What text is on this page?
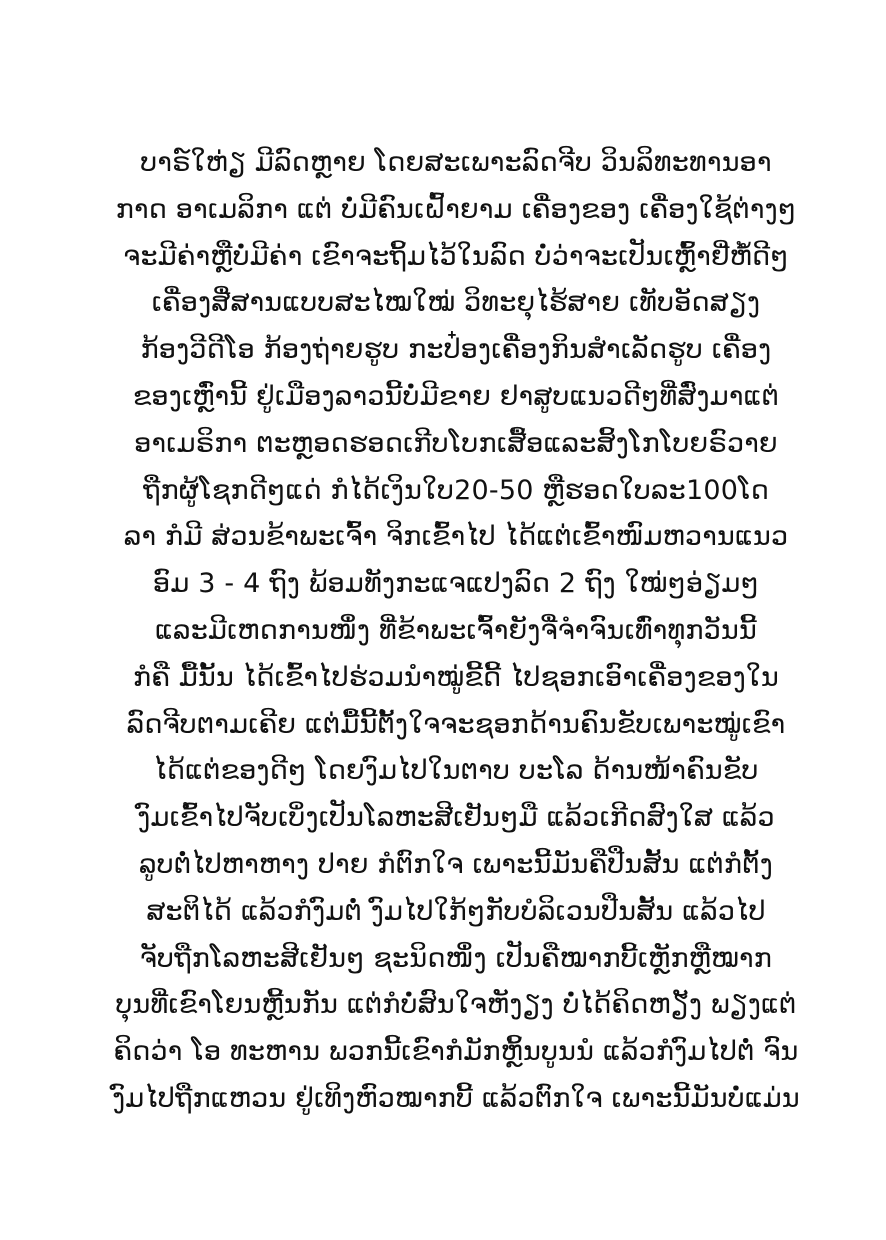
ບາຣ໌ໃຫ່ຽ ມີລົດຫຼາຍ ໂດຍສະເພາະລົດຈີບ ວິນລິທະທານອາ
ກາດ ອາເມລິກາ ແຕ່ ບໍ່ມີຄົນເຝົ້າຍາມ ເຄື່ອງຂອງ ເຄື່ອງໃຊ້ຕ່າງໆ
ຈະມີຄ່າຫຼືບໍ່ມີຄ່າ ເຂົາຈະຖິ້ມໄວ້ໃນລົດ ບໍ່ວ່າຈະເປັນເຫຼົ້າຢີ່ຫໍ້ດີໆ
ເຄື່ອງສື່ສານແບບສະໄໝໃໝ່ ວິທະຍຸໄຮ້ສາຍ ເທັບອັດສຽງ
ກ້ອງວີດີໂອ ກ້ອງຖ່າຍຮູບ ກະປ໋ອງເຄື່ອງກິນສຳເລັດຮູບ ເຄື່ອງ
ຂອງເຫຼົ່ານີ້ ຢູ່ເມືອງລາວນີ້ບໍ່ມີຂາຍ ຢາສູບແນວດີໆທີ່ສົ່ງມາແຕ່
ອາເມຣິກາ ຕະຫຼອດຮອດເກີບໂບກເສື້ອແລະສິ້ງໂກໂບຍຣົວາຍ
ຖືກຜູ້ໂຊກດີໆແດ່ ກໍໄດ້ເງິນໃບ20-50 ຫຼືຮອດໃບລະ100ໂດ
ລາ ກໍມີ ສ່ວນຂ້າພະເຈົ້າ ຈິກເຂົ້າໄປ ໄດ້ແຕ່ເຂົ້າໜົມຫວານແນວ
ອົມ 3 - 4 ຖົງ ພ້ອມທັງກະແຈແປງລົດ 2 ຖົງ ໃໝ່ໆອ່ຽມໆ
ແລະມີເຫດການໜຶ່ງ ທີ່ຂ້າພະເຈົ້າຍັງຈື່ຈຳຈົນເທົ່າທຸກວັນນີ້
ກໍຄື ມື້ນັ້ນ ໄດ້ເຂົ້າໄປຮ່ວມນຳໝູ່ຂີ້ດີ້ ໄປຊອກເອົາເຄື່ອງຂອງໃນ
ລົດຈີບຕາມເຄີຍ ແຕ່ມື້ນີ້ຕັ້ງໃຈຈະຊອກດ້ານຄົນຂັບເພາະໝູ່ເຂົາ
ໄດ້ແຕ່ຂອງດີໆ ໂດຍງົມໄປໃນຕາບ ບະໂລ ດ້ານໜ້າຄົນຂັບ
ງົມເຂົ້າໄປຈັບເບິ່ງເປັນໂລຫະສີເຢັນໆມື ແລ້ວເກີດສົງໃສ ແລ້ວ
ລູບຕໍ່ໄປຫາຫາງ ປາຍ ກໍຕົກໃຈ ເພາະນີ້ມັນຄືປືນສັ້ນ ແຕ່ກໍຕັ້ງ
ສະຕິໄດ້ ແລ້ວກໍງົມຕໍ່ ງົມໄປໃກ້ໆກັບບໍລິເວນປືນສັ້ນ ແລ້ວໄປ
ຈັບຖືກໂລຫະສີເຢັນໆ ຊະນິດໜຶ່ງ ເປັນຄືໝາກບີ້ເຫຼັກຫຼືໝາກ
ບຸນທີ່ເຂົາໂຍນຫຼີ້ນກັນ ແຕ່ກໍບໍ່ສົນໃຈຫັງຽງ ບໍ່ໄດ້ຄິດຫຽັງ ພຽງແຕ່
ຄິດວ່າ ໂອ ທະຫານ ພວກນີ້ເຂົາກໍມັກຫຼິ້ນບູນນໍ ແລ້ວກໍງົມໄປຕໍ່ ຈົນ
ງົມໄປຖືກແຫວນ ຢູ່ເທິງຫົວໝາກບີ້ ແລ້ວຕົກໃຈ ເພາະນີ້ມັນບໍ່ແມ່ນ
